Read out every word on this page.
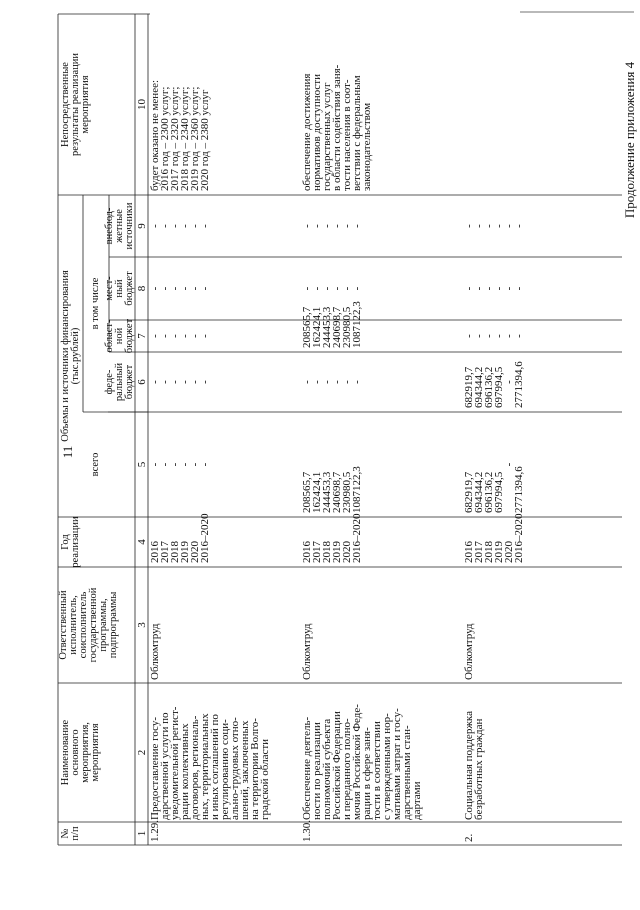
11
Продолжение приложения 4
№ п/п
Наименование основного мероприятия, мероприятия
Ответственный исполнитель, соисполнитель государственной программы, подпрограммы
Год реализации
Объемы и источники финансирования (тыс.рублей)
всего
в том числе
феде- ральный бюджет
област- ной бюджет
мест- ный бюджет
внебюд- жетные источники
Непосредственные результаты реализации мероприятия
1
2
3
4
5
6
7
8
9
10
1.29.
Предоставление госу-
дарственной услуги по
уведомительной регист-
рации коллективных
договоров, региональ-
ных, территориальных
и иных соглашений по
регулированию соци-
ально-трудовых отно-
шений, заключенных
на территории Волго-
градской области
Облкомтруд
2016
2017
2018
2019
2020
2016–2020
-
-
-
-
-
-
-
-
-
-
-
-
-
-
-
-
-
-
-
-
-
-
-
-
-
-
-
-
-
-
будет оказано не менее:
2016 год – 2300 услуг;
2017 год – 2320 услуг;
2018 год – 2340 услуг;
2019 год – 2360 услуг;
2020 год – 2380 услуг
1.30.
Обеспечение деятель-
ности по реализации
полномочий субъекта
Российской Федерации
и переданного полно-
мочия Российской Феде-
рации в сфере заня-
тости в соответствии
с утвержденными нор-
мативами затрат и госу-
дарственными стан-
дартами
Облкомтруд
2016
2017
2018
2019
2020
2016–2020
208565,7
162424,1
244453,3
240698,7
230980,5
1087122,3
-
-
-
-
-
-
208565,7
162424,1
244453,3
240698,7
230980,5
1087122,3
-
-
-
-
-
-
-
-
-
-
-
-
обеспечение достижения
нормативов доступности
государственных услуг
в области содействия заня-
тости населения в соот-
ветствии с федеральным
законодательством
2.
Социальная поддержка
безработных граждан
Облкомтруд
2016
2017
2018
2019
2020
2016–2020
682919,7
694344,2
696136,2
697994,5
-
2771394,6
682919,7
694344,2
696136,2
697994,5
-
2771394,6
-
-
-
-
-
-
-
-
-
-
-
-
-
-
-
-
-
-
